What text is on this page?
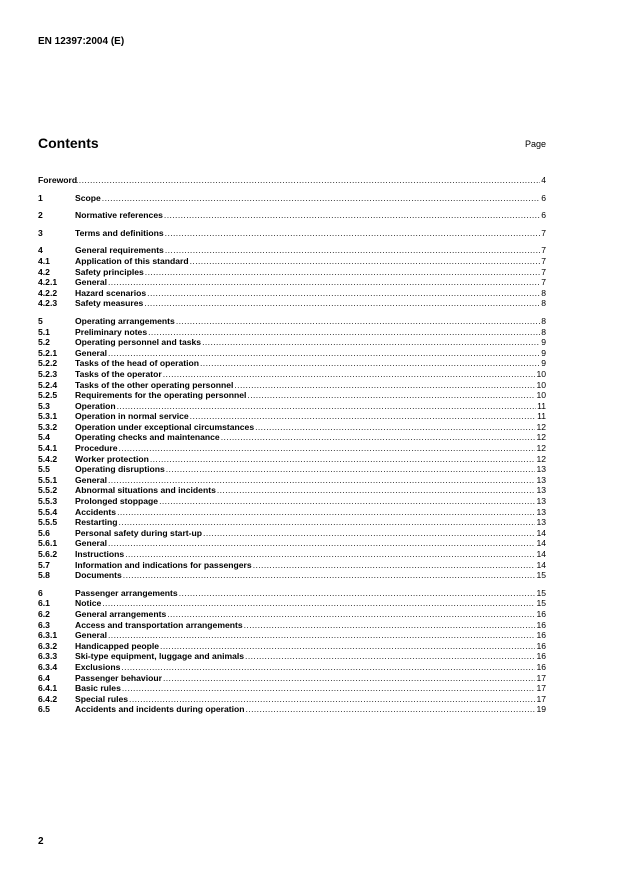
EN 12397:2004 (E)
Contents	Page
Foreword .....	4
1	Scope .....	6
2	Normative references .....	6
3	Terms and definitions .....	7
4	General requirements .....	7
4.1	Application of this standard .....	7
4.2	Safety principles .....	7
4.2.1	General .....	7
4.2.2	Hazard scenarios .....	8
4.2.3	Safety measures .....	8
5	Operating arrangements .....	8
5.1	Preliminary notes .....	8
5.2	Operating personnel and tasks .....	9
5.2.1	General .....	9
5.2.2	Tasks of the head of operation .....	9
5.2.3	Tasks of the operator .....	10
5.2.4	Tasks of the other operating personnel .....	10
5.2.5	Requirements for the operating personnel .....	10
5.3	Operation .....	11
5.3.1	Operation in normal service .....	11
5.3.2	Operation under exceptional circumstances .....	12
5.4	Operating checks and maintenance .....	12
5.4.1	Procedure .....	12
5.4.2	Worker protection .....	12
5.5	Operating disruptions .....	13
5.5.1	General .....	13
5.5.2	Abnormal situations and incidents .....	13
5.5.3	Prolonged stoppage .....	13
5.5.4	Accidents .....	13
5.5.5	Restarting .....	13
5.6	Personal safety during start-up .....	14
5.6.1	General .....	14
5.6.2	Instructions .....	14
5.7	Information and indications for passengers .....	14
5.8	Documents .....	15
6	Passenger arrangements .....	15
6.1	Notice .....	15
6.2	General arrangements .....	16
6.3	Access and transportation arrangements .....	16
6.3.1	General .....	16
6.3.2	Handicapped people .....	16
6.3.3	Ski-type equipment, luggage and animals .....	16
6.3.4	Exclusions .....	16
6.4	Passenger behaviour .....	17
6.4.1	Basic rules .....	17
6.4.2	Special rules .....	17
6.5	Accidents and incidents during operation .....	19
2
